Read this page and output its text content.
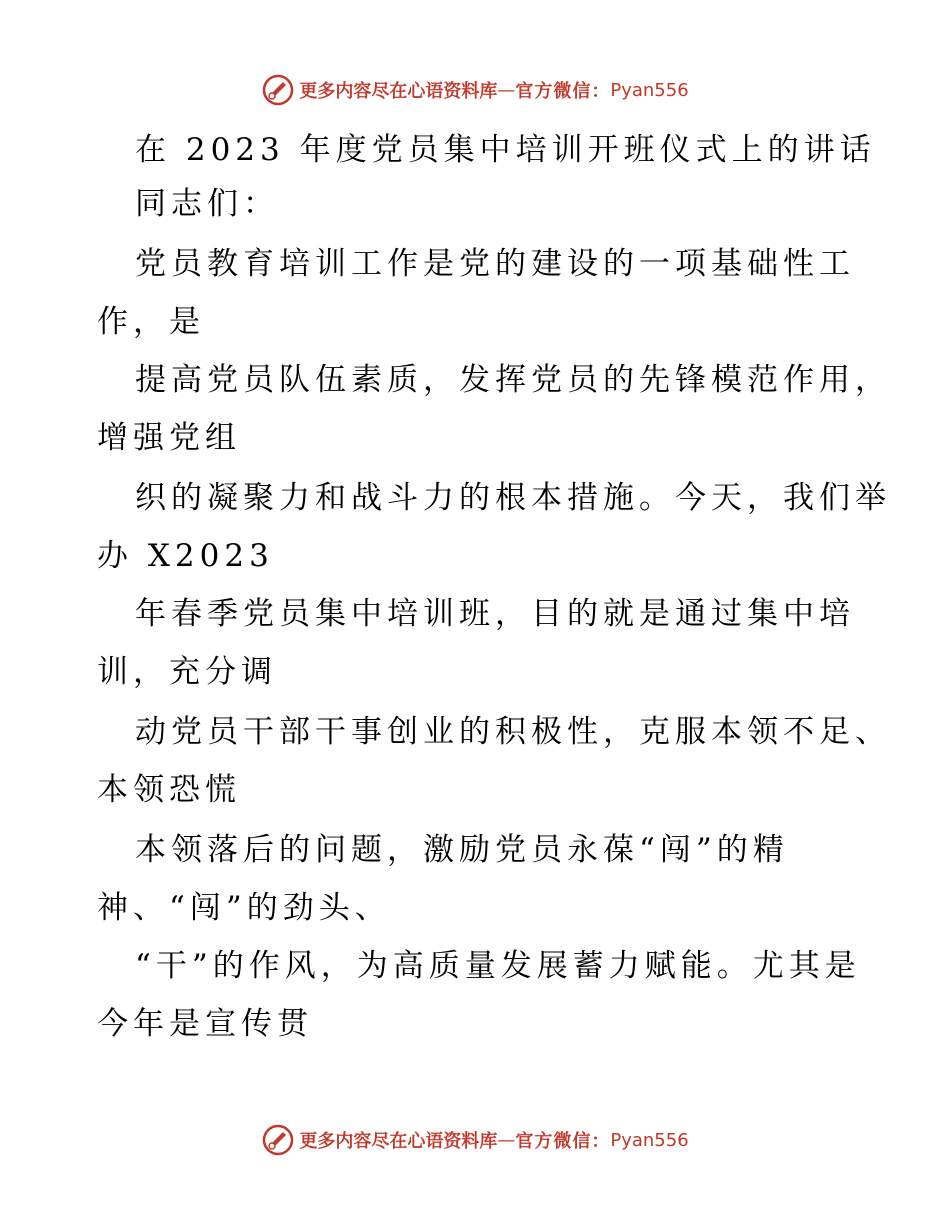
更多内容尽在心语资料库 — 官方微信： Pyan556
在 2023 年度党员集中培训开班仪式上的讲话
同志们：
党员教育培训工作是党的建设的一项基础性工
作，是
提高党员队伍素质，发挥党员的先锋模范作用，
增强党组
织的凝聚力和战斗力的根本措施。今天，我们举
办 X2023
年春季党员集中培训班，目的就是通过集中培
训，充分调
动党员干部干事创业的积极性，克服本领不足、
本领恐慌
本领落后的问题，激励党员永葆“闯”的精
神、“闯”的劲头、
“干”的作风，为高质量发展蓄力赋能。尤其是
今年是宣传贯
更多内容尽在心语资料库 — 官方微信： Pyan556
